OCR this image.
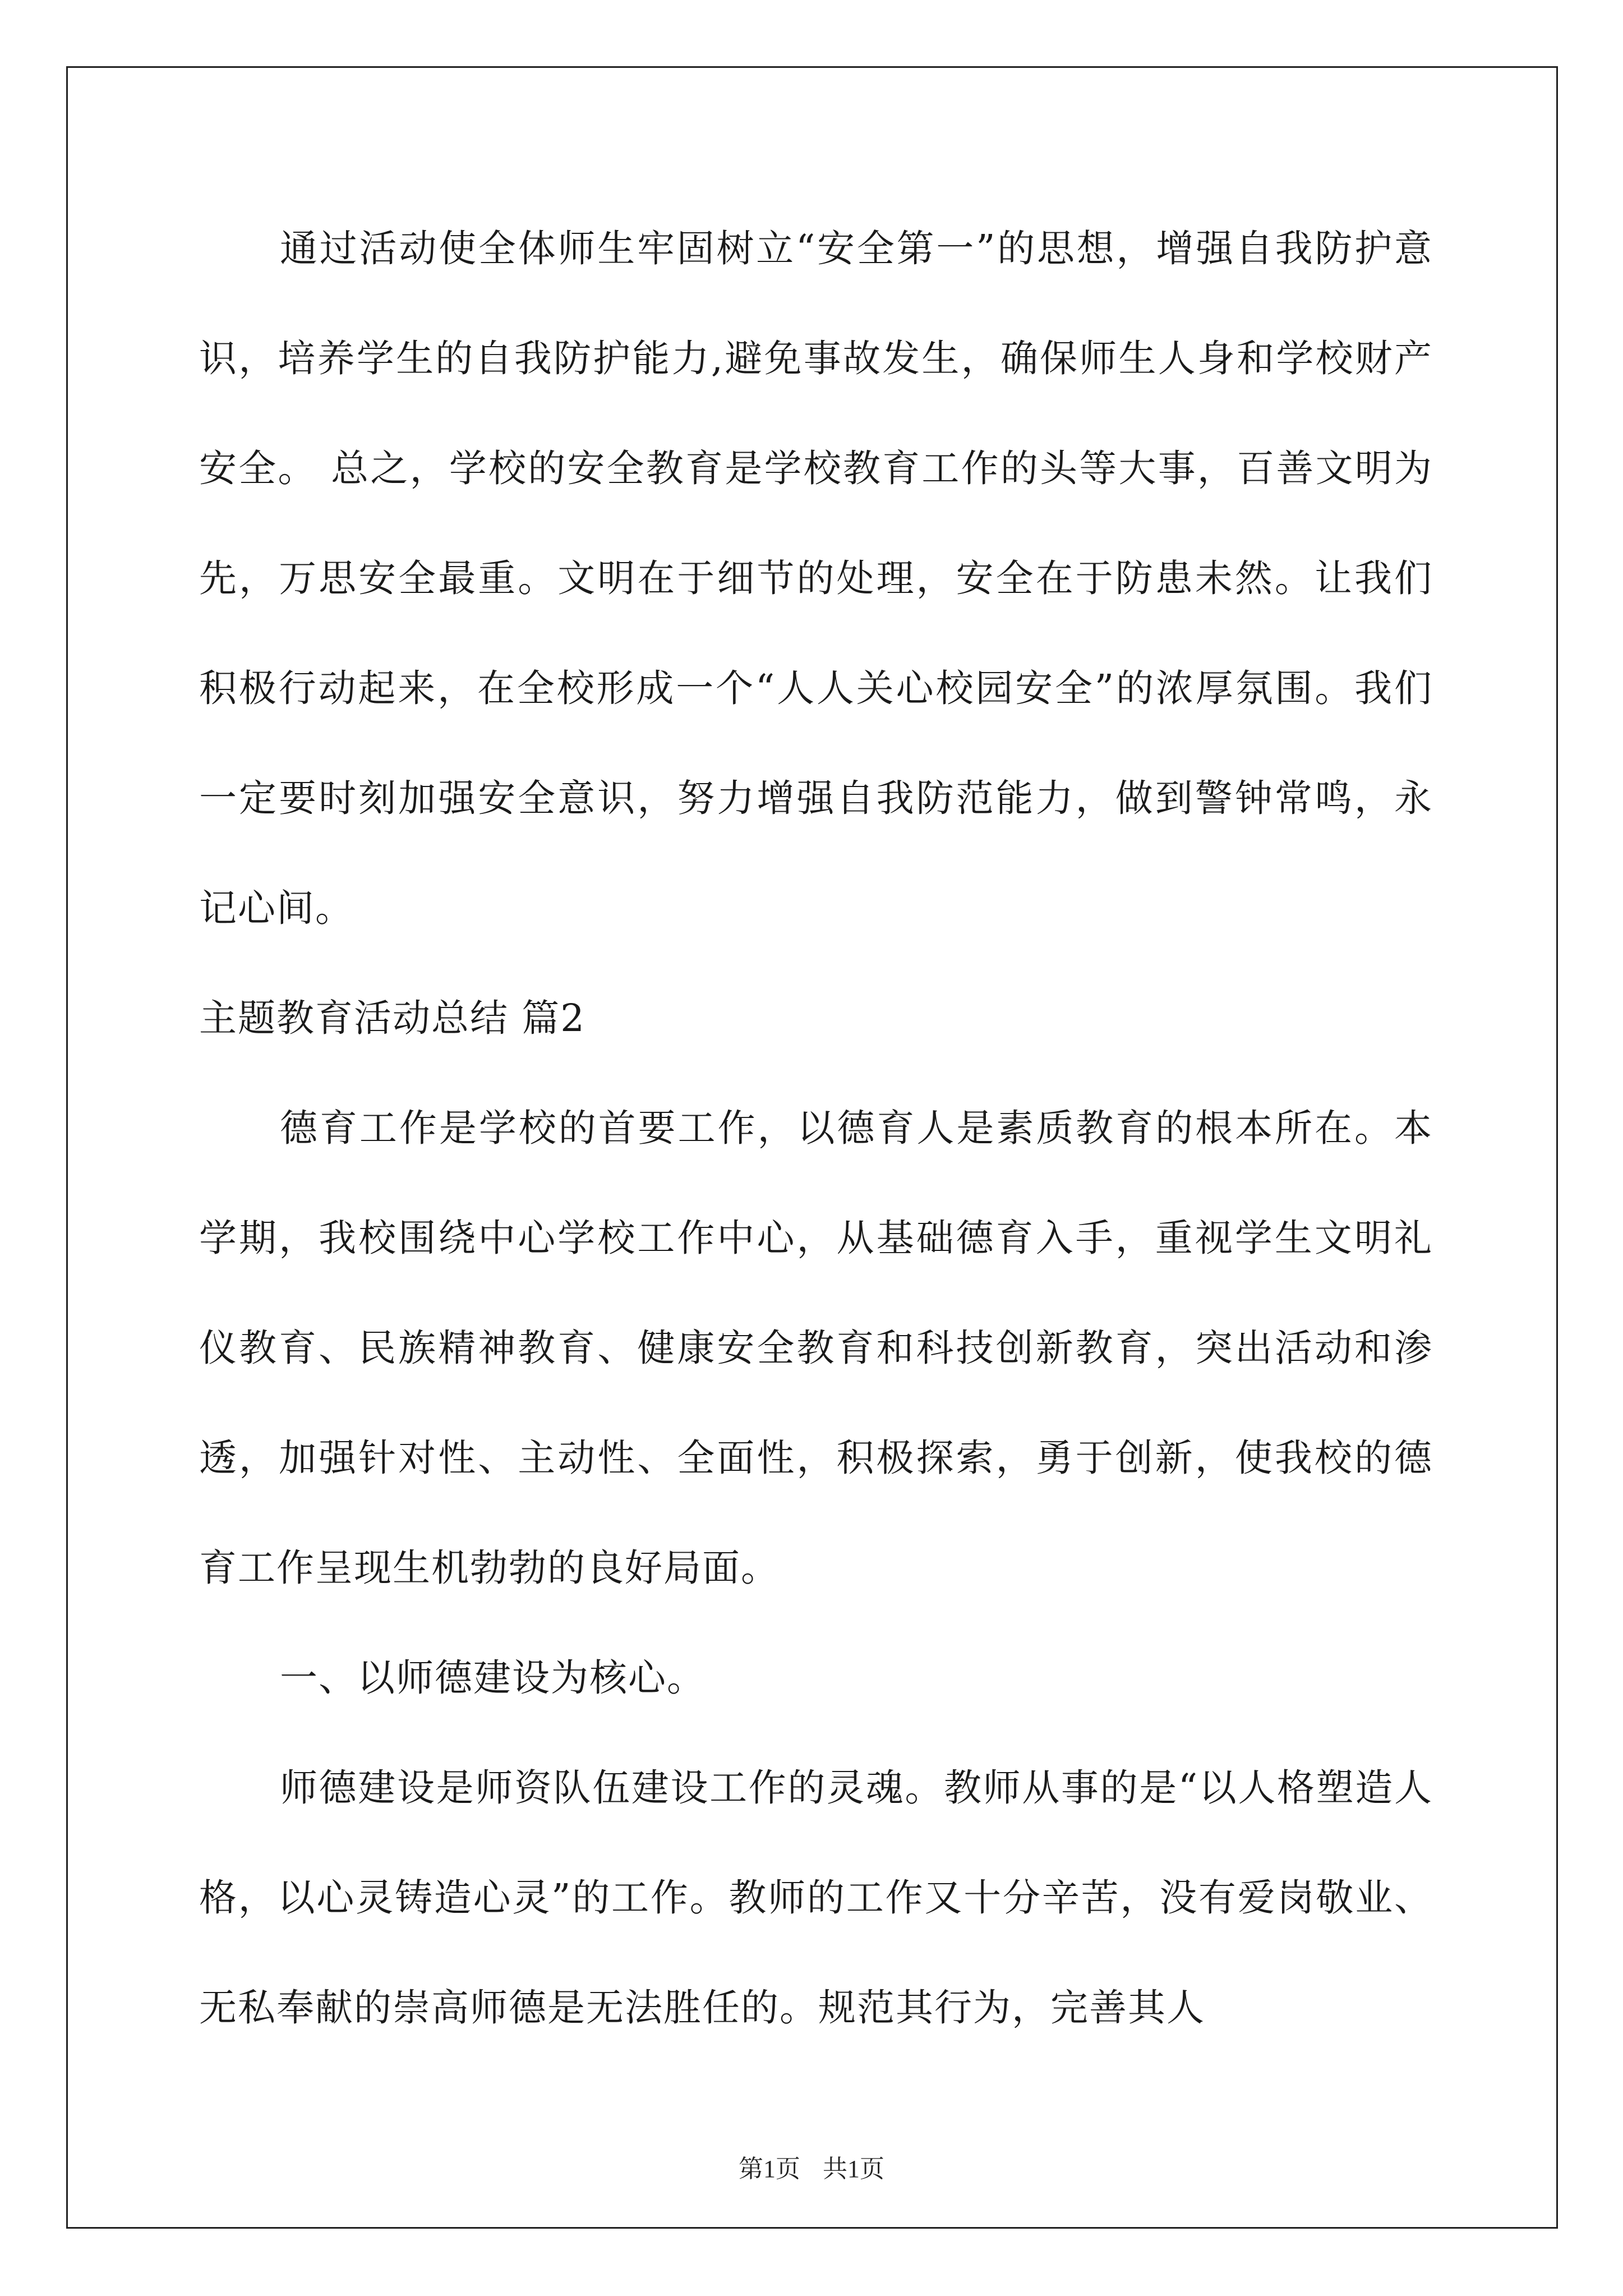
通过活动使全体师生牢固树立“安全第一”的思想，增强自我防护意识，培养学生的自我防护能力,避免事故发生，确保师生人身和学校财产安全。 总之，学校的安全教育是学校教育工作的头等大事，百善文明为先，万思安全最重。文明在于细节的处理，安全在于防患未然。让我们积极行动起来，在全校形成一个“人人关心校园安全”的浓厚氛围。我们一定要时刻加强安全意识，努力增强自我防范能力，做到警钟常鸣，永记心间。

主题教育活动总结 篇2

德育工作是学校的首要工作，以德育人是素质教育的根本所在。本学期，我校围绕中心学校工作中心，从基础德育入手，重视学生文明礼仪教育、民族精神教育、健康安全教育和科技创新教育，突出活动和渗透，加强针对性、主动性、全面性，积极探索，勇于创新，使我校的德育工作呈现生机勃勃的良好局面。

一、以师德建设为核心。

师德建设是师资队伍建设工作的灵魂。教师从事的是“以人格塑造人格，以心灵铸造心灵”的工作。教师的工作又十分辛苦，没有爱岗敬业、无私奉献的崇高师德是无法胜任的。规范其行为，完善其人

第1页 共1页
